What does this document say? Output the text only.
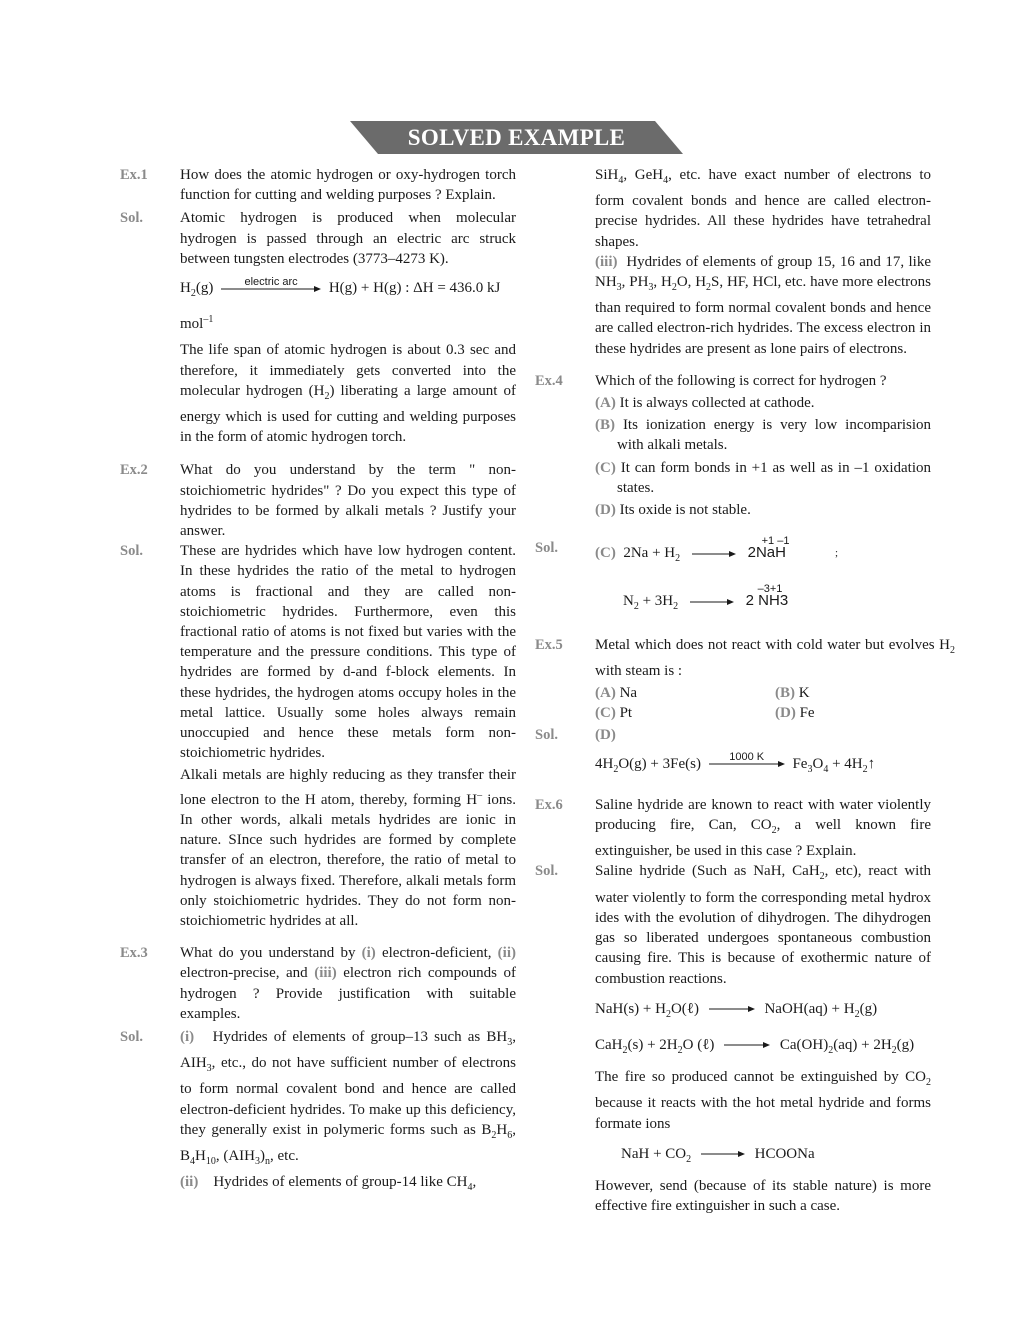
SOLVED EXAMPLE
Ex.1	How does the atomic hydrogen or oxy-hydrogen torch function for cutting and welding purposes ? Explain.
Sol.	Atomic hydrogen is produced when molecular hydrogen is passed through an electric arc struck between tungsten electrodes (3773–4273 K).
$H_2(g)$	electric arc	H(g) + H(g) : ΔH = 436.0 kJ
mol$^{-1}$
The life span of atomic hydrogen is about 0.3 sec and therefore, it immediately gets converted into the molecular hydrogen $(H_2)$ liberating a large amount of energy which is used for cutting and welding purposes in the form of atomic hydrogen torch.
Ex.2	What do you understand by the term " non-stoichiometric hydrides" ? Do you expect this type of hydrides to be formed by alkali metals ? Justify your answer.
Sol.	These are hydrides which have low hydrogen content. In these hydrides the ratio of the metal to hydrogen atoms is fractional and they are called non-stoichiometric hydrides. Furthermore, even this fractional ratio of atoms is not fixed but varies with the temperature and the pressure conditions. This type of hydrides are formed by d-and f-block elements. In these hydrides, the hydrogen atoms occupy holes in the metal lattice. Usually some holes always remain unoccupied and hence these metals form non-stoichiometric hydrides.
Alkali metals are highly reducing as they transfer their lone electron to the H atom, thereby, forming H– ions. In other words, alkali metals hydrides are ionic in nature. SInce such hydrides are formed by complete transfer of an electron, therefore, the ratio of metal to hydrogen is always fixed. Therefore, alkali metals form only stoichiometric hydrides. They do not form non-stoichiometric hydrides at all.
Ex.3	What do you understand by (i) electron-deficient, (ii) electron-precise, and (iii) electron rich compounds of hydrogen ? Provide justification with suitable examples.
Sol.	(i) Hydrides of elements of group–13 such as $BH_3$, $AIH_3$, etc., do not have sufficient number of electrons to form normal covalent bond and hence are called electron-deficient hydrides. To make up this deficiency, they generally exist in polymeric forms such as $B_2H_6$, $B_4H_{10}$, $(AIH_3)_n$, etc.
(ii) Hydrides of elements of group-14 like $CH_4$,
SiH$_4$, GeH$_4$, etc. have exact number of electrons to form covalent bonds and hence are called electron-precise hydrides. All these hydrides have tetrahedral shapes.
(iii) Hydrides of elements of group 15, 16 and 17, like $NH_3$, $PH_3$, $H_2O$, $H_2S$, HF, HCl, etc. have more electrons than required to form normal covalent bonds and hence are called electron-rich hydrides. The excess electron in these hydrides are present as lone pairs of electrons.
Ex.4	Which of the following is correct for hydrogen ?
(A) It is always collected at cathode.
(B) Its ionization energy is very low incomparision with alkali metals.
(C) It can form bonds in +1 as well as in –1 oxidation states.
(D) Its oxide is not stable.
Sol.	(C) $2Na + H_2$

+1 –1
2NaH	;
$N_2 + 3H_2$

–3+1
2 NH3
Ex.5	Metal which does not react with cold water but evolves $H_2$ with steam is :
(A) Na	(B) K
(C) Pt	(D) Fe
Sol.	(D)
$4H_2O(g) + 3Fe(s)$	1000 K	$Fe_3O_4$ + $4H_2↑$
Ex.6	Saline hydride are known to react with water violently producing fire, Can, $CO_2$, a well known fire extinguisher, be used in this case ? Explain.
Sol.	Saline hydride (Such as NaH, CaH$_2$, etc), react with water violently to form the corresponding metal hydrox ides with the evolution of dihydrogen. The dihydrogen gas so liberated undergoes spontaneous combustion causing fire. This is because of exothermic nature of combustion reactions.
$NaH(s) + H_2O(\ell)$	NaOH(aq) + $H_2(g)$
$CaH_2(s) + 2H_2O$ (ℓ)	$Ca(OH)_2(aq) + 2H_2(g)$
The fire so produced cannot be extinguished by $CO_2$ because it reacts with the hot metal hydride and forms formate ions
NaH + $CO_2$	HCOONa
However, send (because of its stable nature) is more effective fire extinguisher in such a case.
